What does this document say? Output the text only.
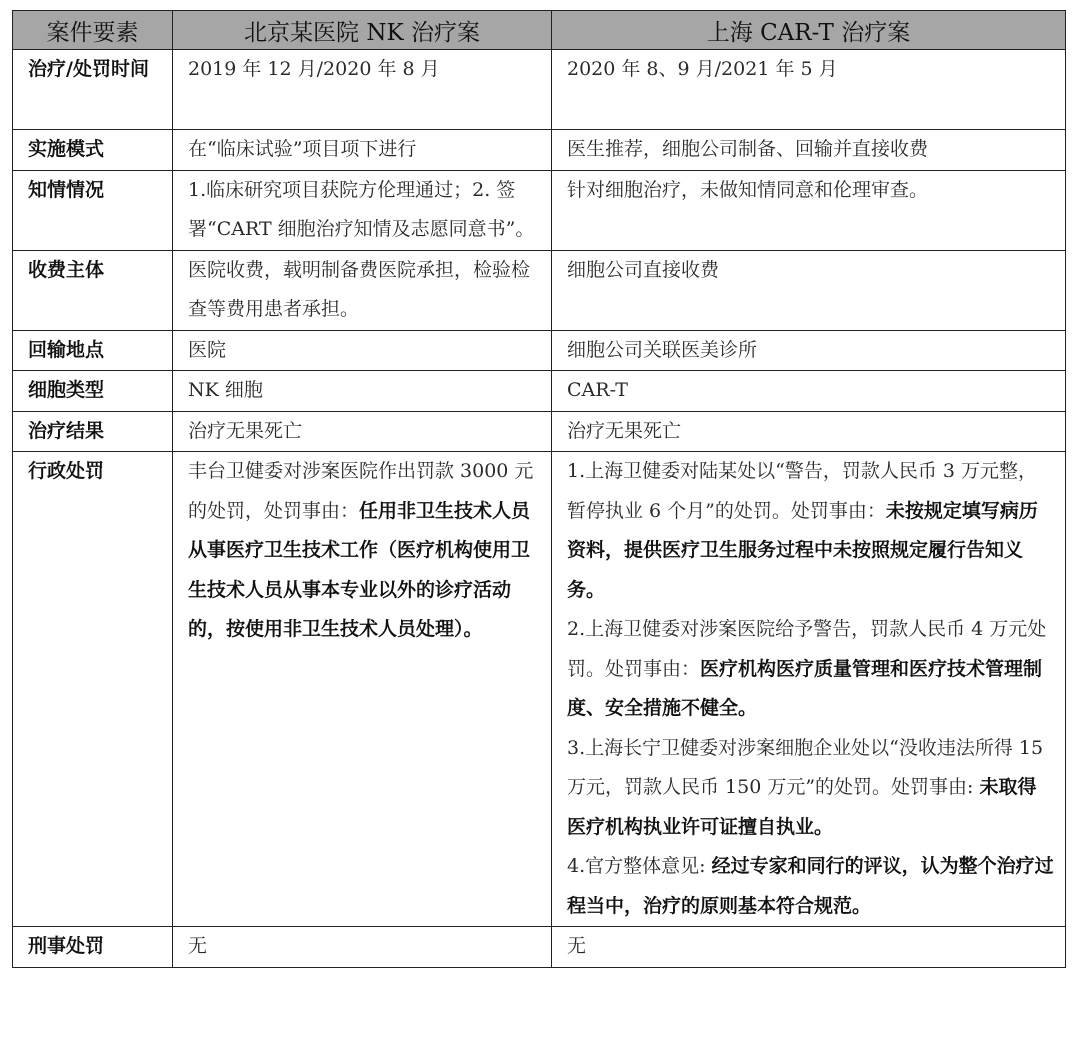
案件要素	北京某医院 NK 治疗案	上海 CAR-T 治疗案
治疗/处罚时间	2019 年 12 月/2020 年 8 月	2020 年 8、9 月/2021 年 5 月
实施模式	在“临床试验”项目项下进行	医生推荐，细胞公司制备、回输并直接收费
知情情况	1.临床研究项目获院方伦理通过；2. 签署“CART 细胞治疗知情及志愿同意书”。	针对细胞治疗，未做知情同意和伦理审查。
收费主体	医院收费，载明制备费医院承担，检验检查等费用患者承担。	细胞公司直接收费
回输地点	医院	细胞公司关联医美诊所
细胞类型	NK 细胞	CAR-T
治疗结果	治疗无果死亡	治疗无果死亡
行政处罚	丰台卫健委对涉案医院作出罚款 3000 元的处罚，处罚事由：任用非卫生技术人员从事医疗卫生技术工作（医疗机构使用卫生技术人员从事本专业以外的诊疗活动的，按使用非卫生技术人员处理）。	1.上海卫健委对陆某处以“警告，罚款人民币 3 万元整，暂停执业 6 个月”的处罚。处罚事由：未按规定填写病历资料，提供医疗卫生服务过程中未按照规定履行告知义务。
2.上海卫健委对涉案医院给予警告，罚款人民币 4 万元处罚。处罚事由：医疗机构医疗质量管理和医疗技术管理制度、安全措施不健全。
3.上海长宁卫健委对涉案细胞企业处以“没收违法所得 15 万元，罚款人民币 150 万元”的处罚。处罚事由: 未取得医疗机构执业许可证擅自执业。
4.官方整体意见: 经过专家和同行的评议，认为整个治疗过程当中，治疗的原则基本符合规范。

刑事处罚	无	无
